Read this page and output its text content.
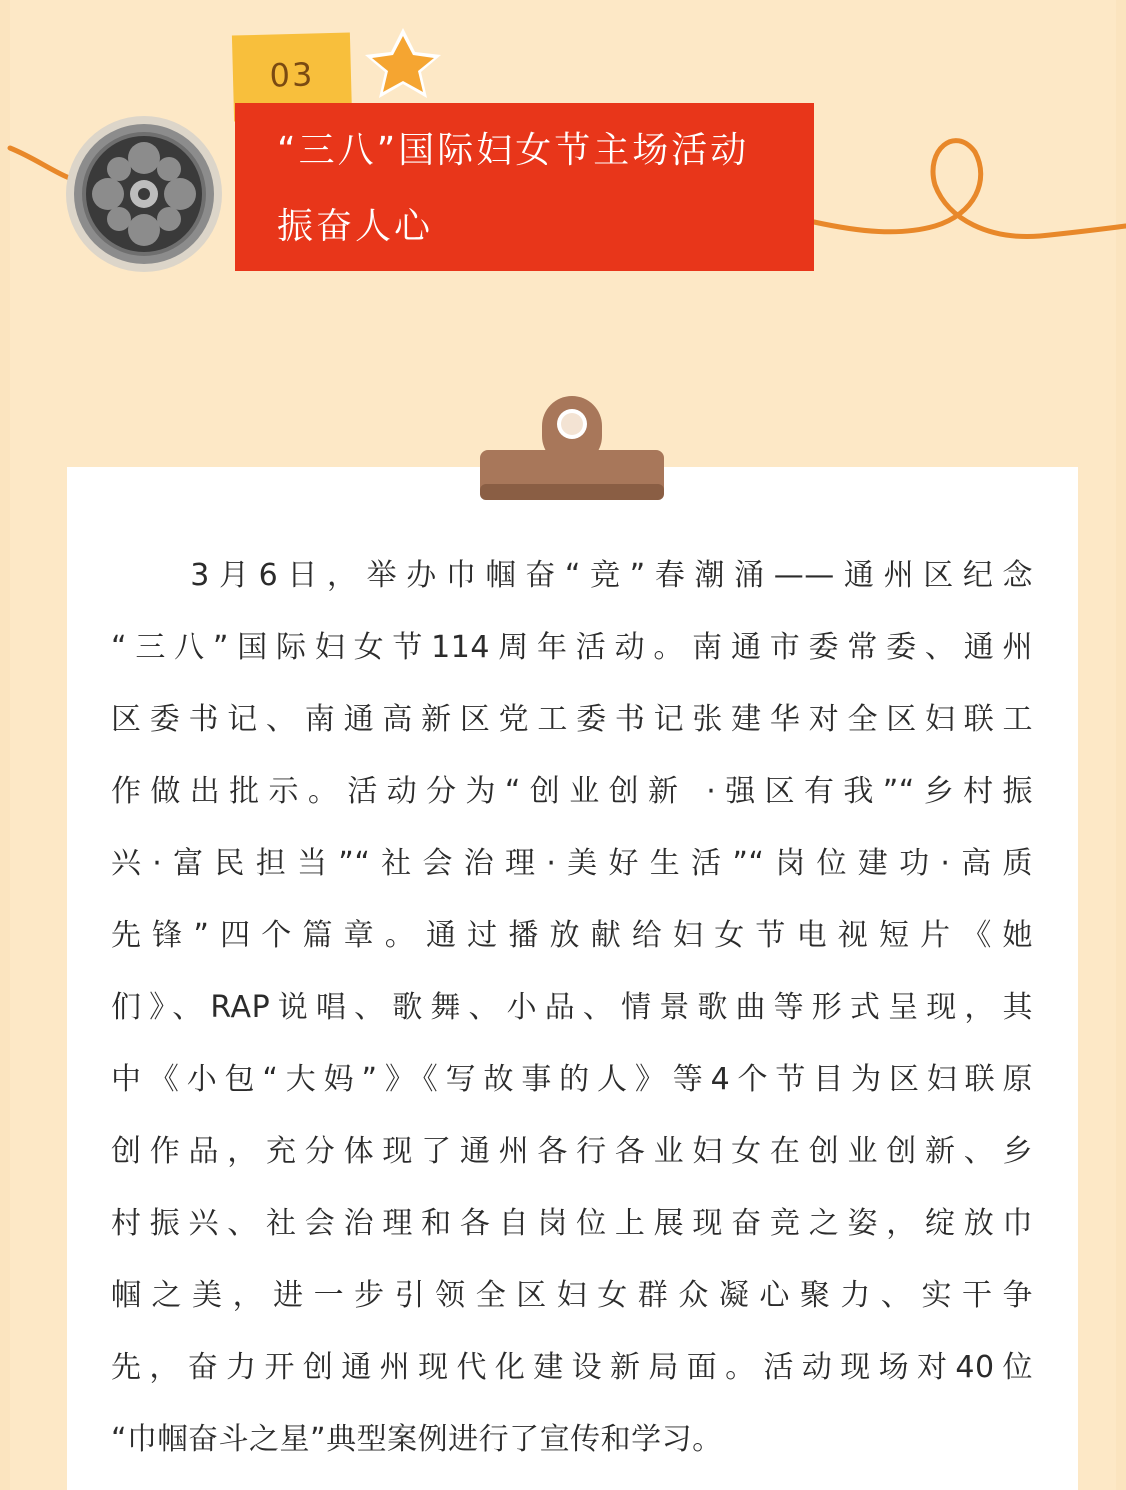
03
“三八”国际妇女节主场活动
振奋人心
　　3月6日，举办巾帼奋“竞”春潮涌——通州区纪念
“三八”国际妇女节114周年活动。南通市委常委、通州
区委书记、南通高新区党工委书记张建华对全区妇联工
作做出批示。活动分为“创业创新 ·强区有我”“乡村振
兴·富民担当”“社会治理·美好生活”“岗位建功·高质
先锋”四个篇章。通过播放献给妇女节电视短片《她
们》、RAP说唱、歌舞、小品、情景歌曲等形式呈现，其
中《小包“大妈”》《写故事的人》等4个节目为区妇联原
创作品，充分体现了通州各行各业妇女在创业创新、乡
村振兴、社会治理和各自岗位上展现奋竞之姿，绽放巾
帼之美，进一步引领全区妇女群众凝心聚力、实干争
先，奋力开创通州现代化建设新局面。活动现场对40位
“巾帼奋斗之星”典型案例进行了宣传和学习。
